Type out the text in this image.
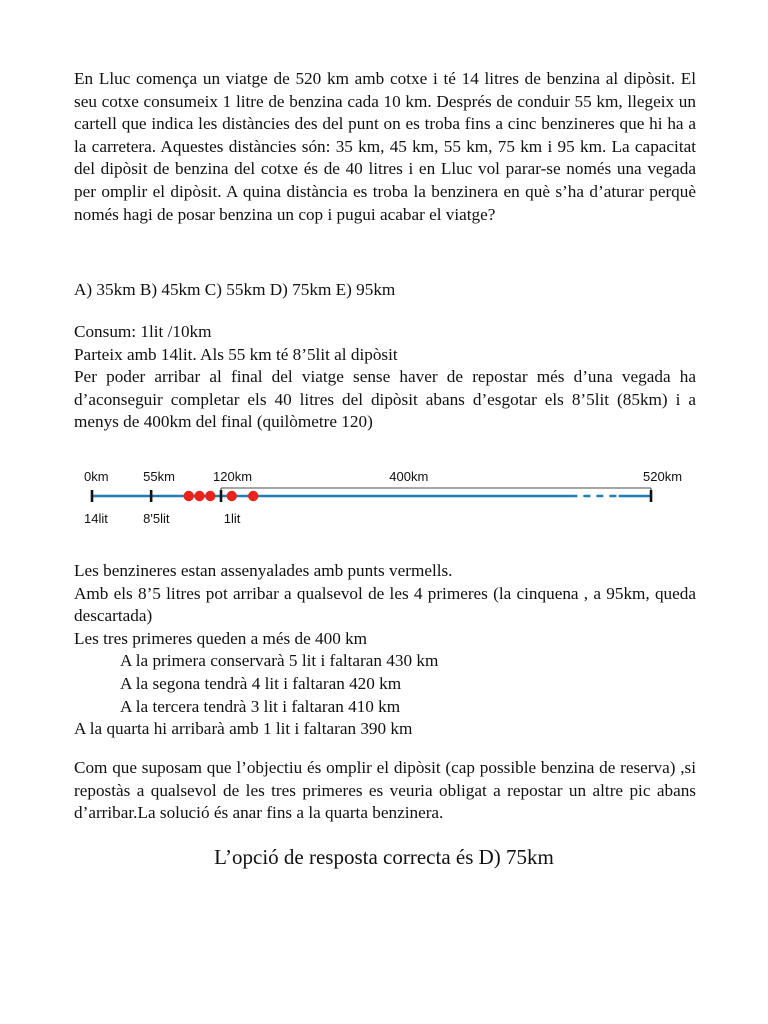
En Lluc comença un viatge de 520 km amb cotxe i té 14 litres de benzina al dipòsit. El seu cotxe consumeix 1 litre de benzina cada 10 km. Després de conduir 55 km, llegeix un cartell que indica les distàncies des del punt on es troba fins a cinc benzineres que hi ha a la carretera. Aquestes distàncies són: 35 km, 45 km, 55 km, 75 km i 95 km. La capacitat del dipòsit de benzina del cotxe és de 40 litres i en Lluc vol parar-se només una vegada per omplir el dipòsit. A quina distància es troba la benzinera en què s’ha d’aturar perquè només hagi de posar benzina un cop i pugui acabar el viatge?

A) 35km B) 45km C) 55km D) 75km E) 95km
Consum: 1lit /10km
Parteix amb 14lit. Als 55 km té 8’5lit al dipòsit

Per poder arribar al final del viatge sense haver de repostar més d’una vegada ha d’aconseguir completar els 40 litres del dipòsit abans d’esgotar els 8’5lit (85km) i a menys de 400km del final (quilòmetre 120)

0km	55km	120km	400km	520km
14lit	8'5lit	1lit
Les benzineres estan assenyalades amb punts vermells.

Amb els 8’5 litres pot arribar a qualsevol de les 4 primeres (la cinquena , a 95km, queda descartada)

Les tres primeres queden a més de 400 km
A la primera conservarà 5 lit i faltaran 430 km
A la segona tendrà 4 lit i faltaran 420 km
A la tercera tendrà 3 lit i faltaran 410 km
A la quarta hi arribarà amb 1 lit i faltaran 390 km

Com que suposam que l’objectiu és omplir el dipòsit (cap possible benzina de reserva) ,si repostàs a qualsevol de les tres primeres es veuria obligat a repostar un altre pic abans d’arribar.La solució és anar fins a la quarta benzinera.

L’opció de resposta correcta és D) 75km
